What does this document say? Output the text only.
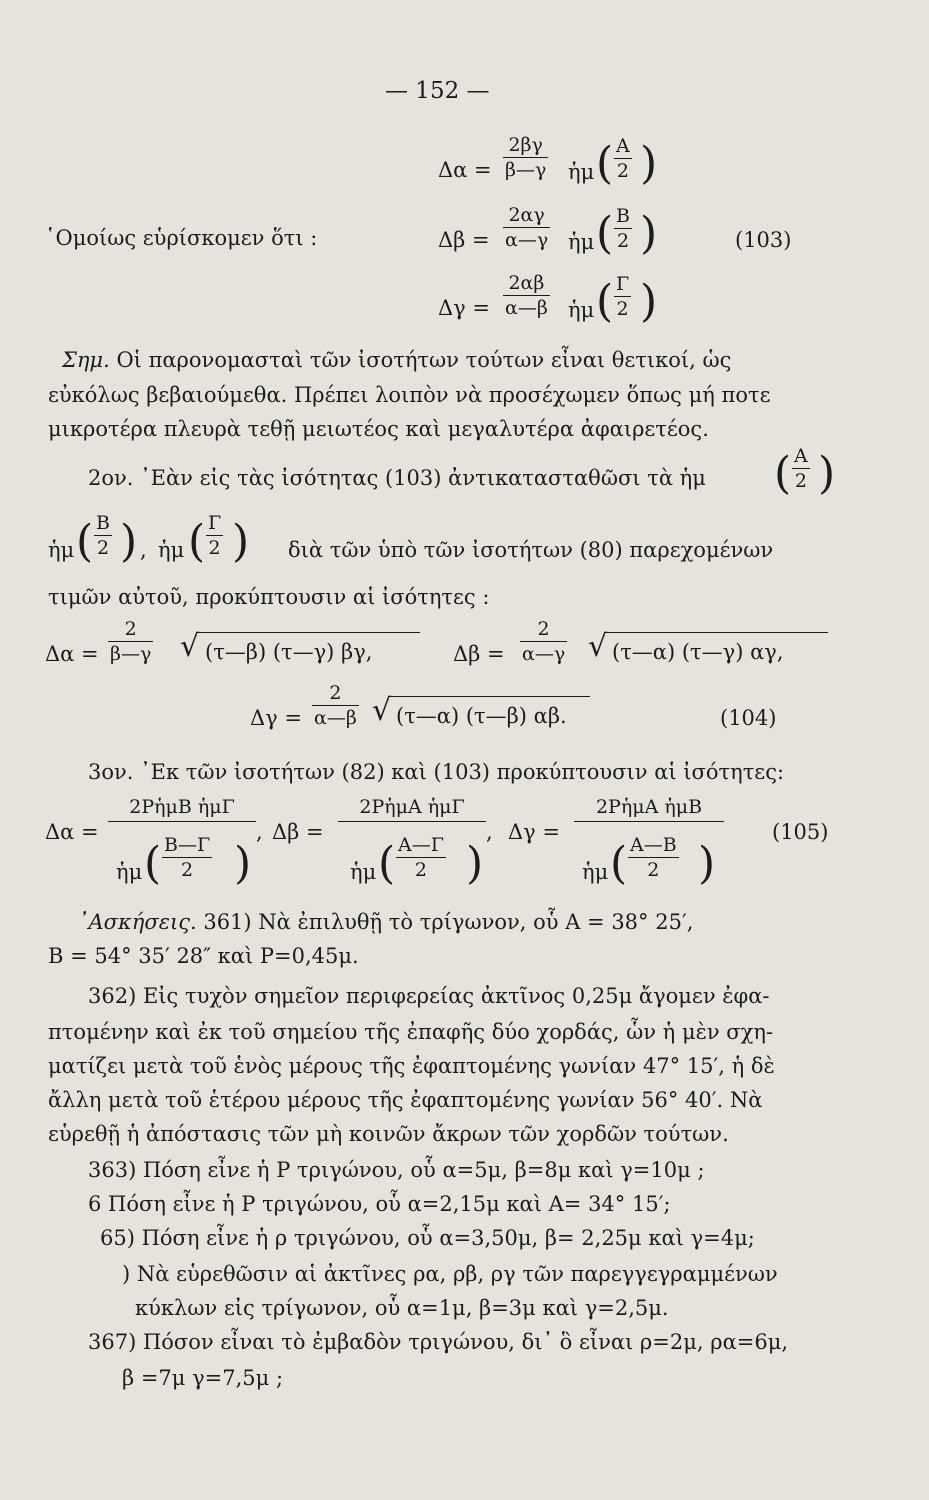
— 152 —
Δα =
2βγ
β—γ ἡμ ( A
2 )
῾Ομοίως εὑρίσκομεν ὅτι :	Δβ =
2αγ
α—γ ἡμ ( B
2 )	(103)
Δγ =
2αβ
α—β ἡμ ( Γ
2 )
Σημ. Οἱ παρονομασταὶ τῶν ἰσοτήτων τούτων εἶναι θετικοί, ὡς
εὐκόλως βεβαιούμεθα. Πρέπει λοιπὸν νὰ προσέχωμεν ὅπως μή ποτε
μικροτέρα πλευρὰ τεθῇ μειωτέος καὶ μεγαλυτέρα ἀφαιρετέος.
2ον. ᾽Εὰν εἰς τὰς ἰσότητας (103) ἀντικατασταθῶσι τὰ ἡμ ( A
2 )
ἡμ ( B
2 ) , ἡμ ( Γ
2 ) διὰ τῶν ὑπὸ τῶν ἰσοτήτων (80) παρεχομένων
τιμῶν αὐτοῦ, προκύπτουσιν αἱ ἰσότητες :
Δα =
2
β—γ √ (τ—β) (τ—γ) βγ,	Δβ =
2
α—γ √ (τ—α) (τ—γ) αγ,
Δγ =
2
α—β √ (τ—α) (τ—β) αβ.	(104)
3ον. ᾽Εκ τῶν ἰσοτήτων (82) καὶ (103) προκύπτουσιν αἱ ἰσότητες:
Δα =
2ΡἡμΒ ἡμΓ
ἡμ ( B—Γ
2 )
, Δβ =
2ΡἡμΑ ἡμΓ
ἡμ ( A—Γ
2 )
, Δγ =
2ΡἡμΑ ἡμΒ
ἡμ ( A—B
2 )
(105)
᾽Ασκήσεις. 361) Νὰ ἐπιλυθῇ τὸ τρίγωνον, οὗ A = 38° 25′,
B = 54° 35′ 28″ καὶ P=0,45μ.
362) Εἰς τυχὸν σημεῖον περιφερείας ἀκτῖνος 0,25μ ἄγομεν ἐφα-
πτομένην καὶ ἐκ τοῦ σημείου τῆς ἐπαφῆς δύο χορδάς, ὧν ἡ μὲν σχη-
ματίζει μετὰ τοῦ ἑνὸς μέρους τῆς ἐφαπτομένης γωνίαν 47° 15′, ἡ δὲ
ἄλλη μετὰ τοῦ ἑτέρου μέρους τῆς ἐφαπτομένης γωνίαν 56° 40′. Νὰ
εὑρεθῇ ἡ ἀπόστασις τῶν μὴ κοινῶν ἄκρων τῶν χορδῶν τούτων.
363) Πόση εἶνε ἡ P τριγώνου, οὗ α=5μ, β=8μ καὶ γ=10μ ;
6 Πόση εἶνε ἡ P τριγώνου, οὗ α=2,15μ καὶ A= 34° 15′;
65) Πόση εἶνε ἡ ρ τριγώνου, οὗ α=3,50μ, β= 2,25μ καὶ γ=4μ;
) Νὰ εὑρεθῶσιν αἱ ἀκτῖνες ρα, ρβ, ργ τῶν παρεγγεγραμμένων
κύκλων εἰς τρίγωνον, οὗ α=1μ, β=3μ καὶ γ=2,5μ.
367) Πόσον εἶναι τὸ ἐμβαδὸν τριγώνου, δι᾽ ὃ εἶναι ρ=2μ, ρα=6μ,
β =7μ γ=7,5μ ;
